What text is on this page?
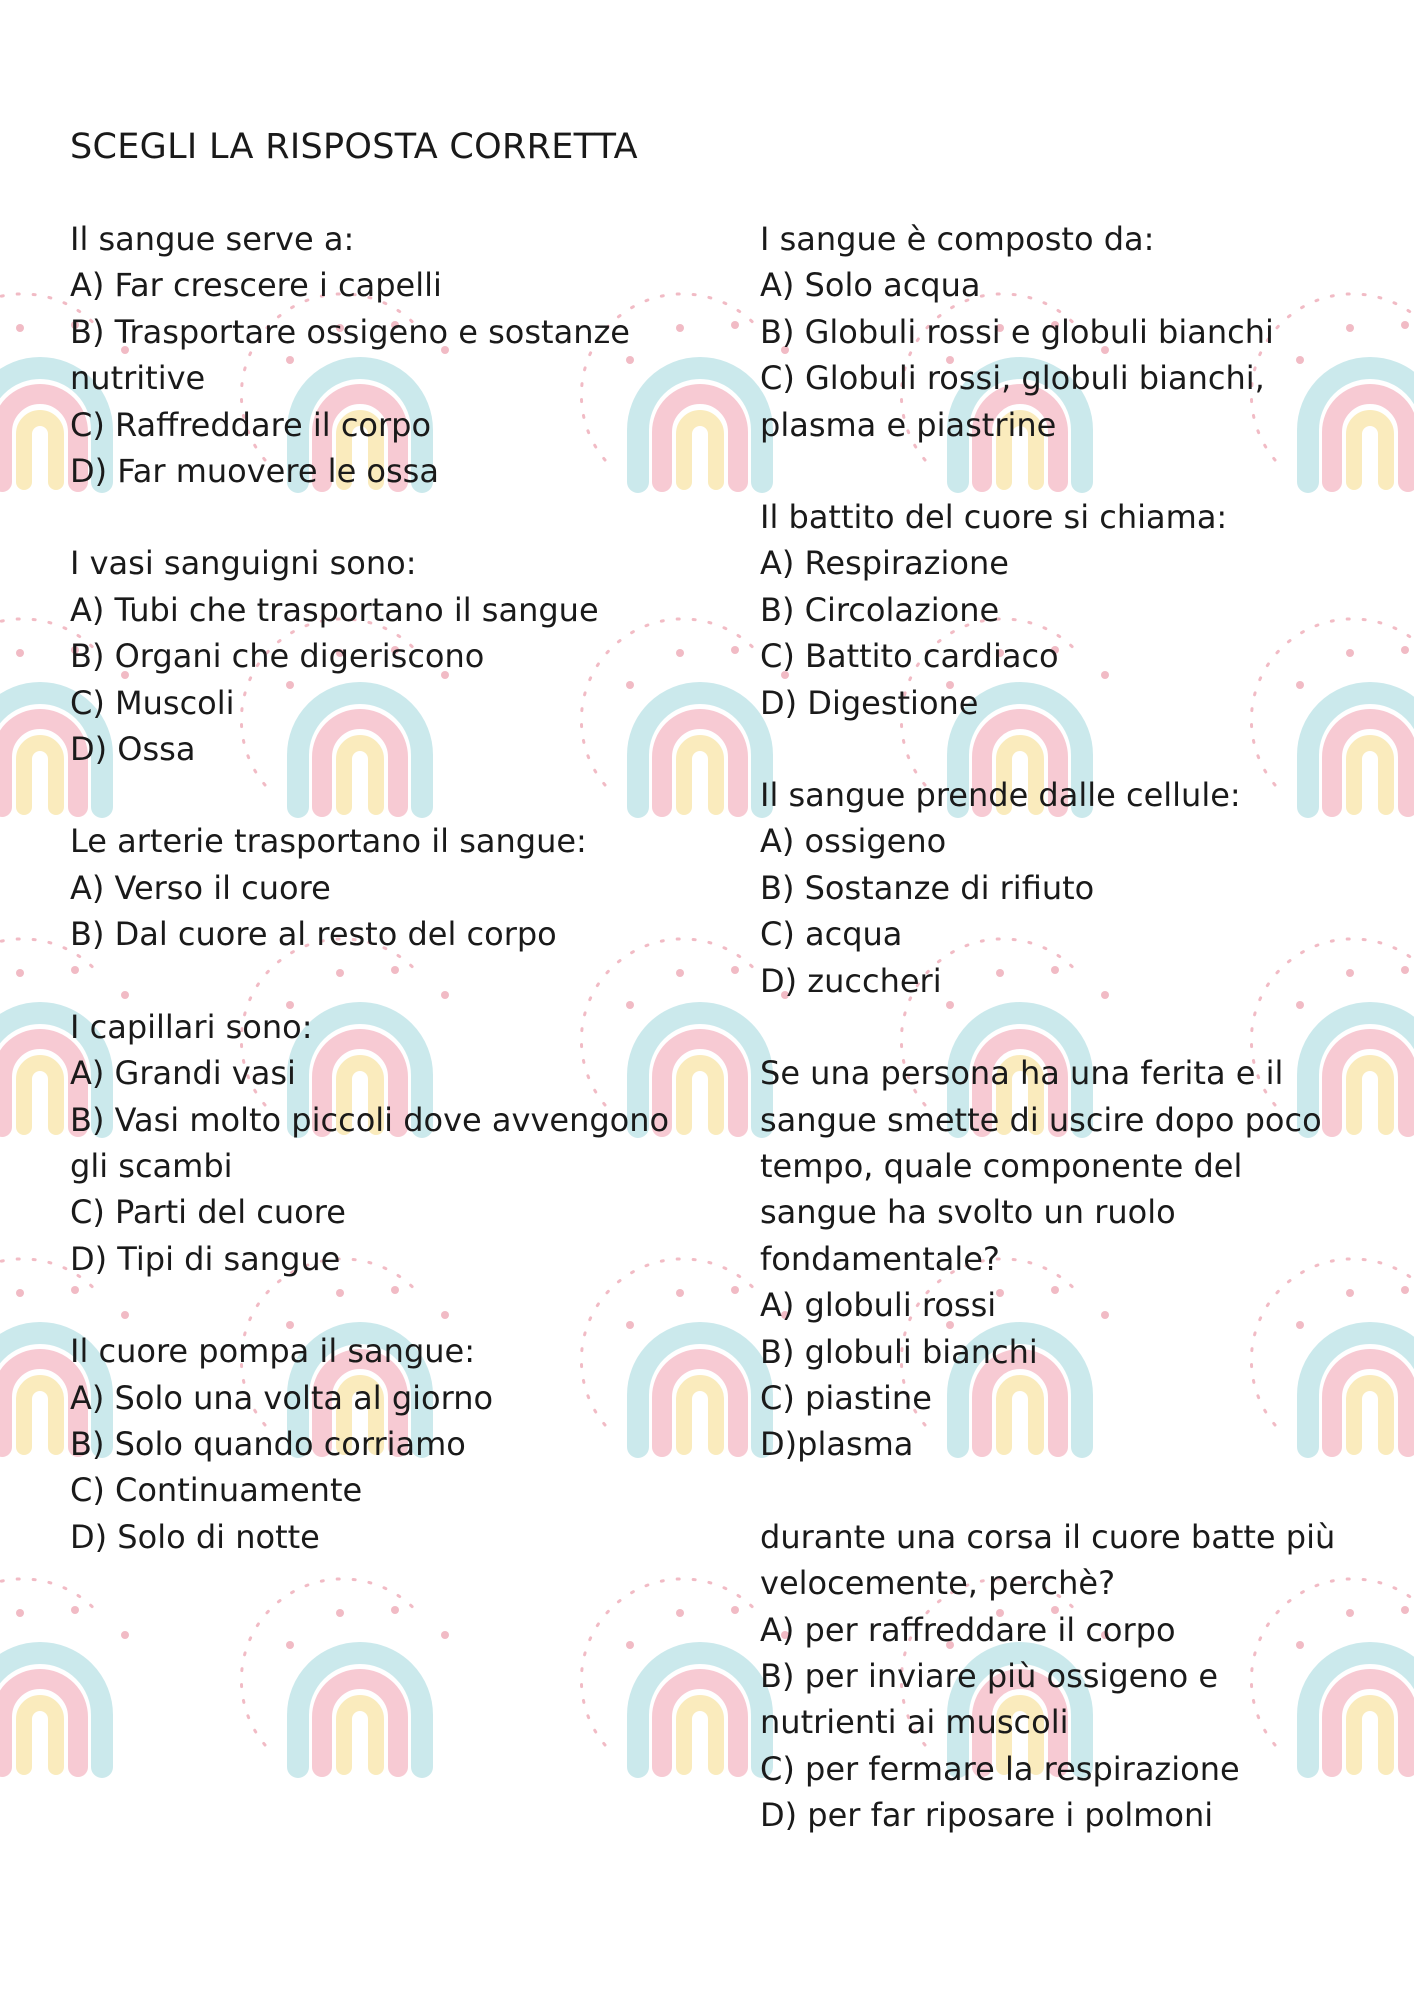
SCEGLI LA RISPOSTA CORRETTA

Il sangue serve a:

A) Far crescere i capelli

B) Trasportare ossigeno e sostanze nutritive

C) Raffreddare il corpo

D) Far muovere le ossa

I vasi sanguigni sono:

A) Tubi che trasportano il sangue

B) Organi che digeriscono

C) Muscoli

D) Ossa

Le arterie trasportano il sangue:

A) Verso il cuore

B) Dal cuore al resto del corpo

I capillari sono:

A) Grandi vasi

B) Vasi molto piccoli dove avvengono gli scambi

C) Parti del cuore

D) Tipi di sangue

Il cuore pompa il sangue:

A) Solo una volta al giorno

B) Solo quando corriamo

C) Continuamente

D) Solo di notte

I sangue è composto da:

A) Solo acqua

B) Globuli rossi e globuli bianchi

C) Globuli rossi, globuli bianchi, plasma e piastrine

Il battito del cuore si chiama:

A) Respirazione

B) Circolazione

C) Battito cardiaco

D) Digestione

Il sangue prende dalle cellule:

A) ossigeno

B) Sostanze di rifiuto

C) acqua

D) zuccheri

Se una persona ha una ferita e il sangue smette di uscire dopo poco tempo, quale componente del sangue ha svolto un ruolo fondamentale?

A) globuli rossi

B) globuli bianchi

C) piastine

D)plasma

durante una corsa il cuore batte più velocemente, perchè?

A) per raffreddare il corpo

B) per inviare più ossigeno e nutrienti ai muscoli

C) per fermare la respirazione

D) per far riposare i polmoni
